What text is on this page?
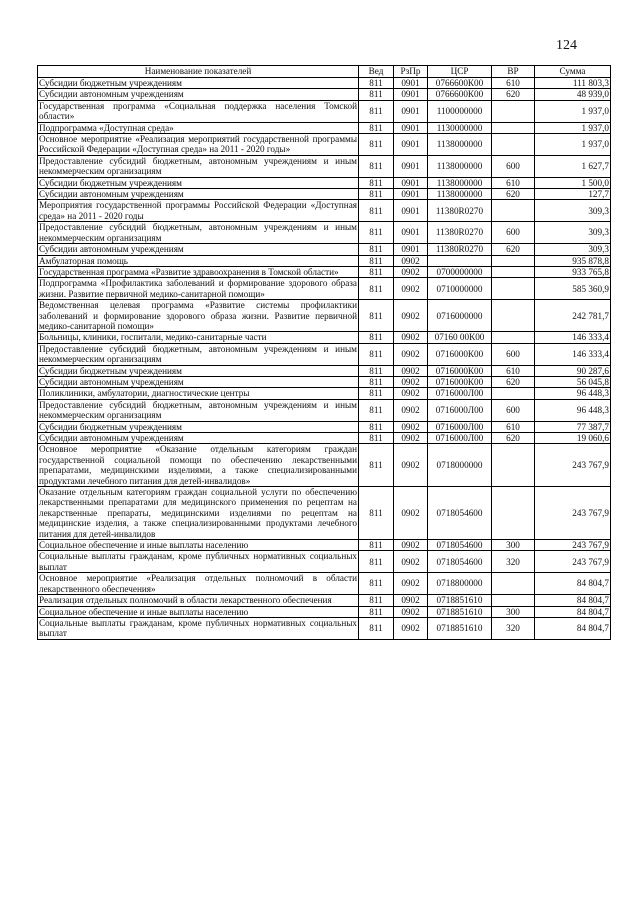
124
Наименование показателей	Вед	РзПр	ЦСР	ВР	Сумма
Субсидии бюджетным учреждениям	811	0901	0766600К00	610	111 803,3
Субсидии автономным учреждениям	811	0901	0766600К00	620	48 939,0
Государственная программа «Социальная поддержка населения Томской области»	811	0901	1100000000		1 937,0
Подпрограмма «Доступная среда»	811	0901	1130000000		1 937,0
Основное мероприятие «Реализация мероприятий государственной программы Российской Федерации «Доступная среда» на 2011 - 2020 годы»	811	0901	1138000000		1 937,0
Предоставление субсидий бюджетным, автономным учреждениям и иным некоммерческим организациям	811	0901	1138000000	600	1 627,7
Субсидии бюджетным учреждениям	811	0901	1138000000	610	1 500,0
Субсидии автономным учреждениям	811	0901	1138000000	620	127,7
Мероприятия государственной программы Российской Федерации «Доступная среда» на 2011 - 2020 годы	811	0901	11380R0270		309,3
Предоставление субсидий бюджетным, автономным учреждениям и иным некоммерческим организациям	811	0901	11380R0270	600	309,3
Субсидии автономным учреждениям	811	0901	11380R0270	620	309,3
Амбулаторная помощь	811	0902			935 878,8
Государственная программа «Развитие здравоохранения в Томской области»	811	0902	0700000000		933 765,8
Подпрограмма «Профилактика заболеваний и формирование здорового образа жизни. Развитие первичной медико-санитарной помощи»	811	0902	0710000000		585 360,9
Ведомственная целевая программа «Развитие системы профилактики заболеваний и формирование здорового образа жизни. Развитие первичной медико-санитарной помощи»	811	0902	0716000000		242 781,7
Больницы, клиники, госпитали, медико-санитарные части	811	0902	07160 00К00		146 333,4
Предоставление субсидий бюджетным, автономным учреждениям и иным некоммерческим организациям	811	0902	0716000К00	600	146 333,4
Субсидии бюджетным учреждениям	811	0902	0716000К00	610	90 287,6
Субсидии автономным учреждениям	811	0902	0716000К00	620	56 045,8
Поликлиники, амбулатории, диагностические центры	811	0902	0716000Л00		96 448,3
Предоставление субсидий бюджетным, автономным учреждениям и иным некоммерческим организациям	811	0902	0716000Л00	600	96 448,3
Субсидии бюджетным учреждениям	811	0902	0716000Л00	610	77 387,7
Субсидии автономным учреждениям	811	0902	0716000Л00	620	19 060,6
Основное мероприятие «Оказание отдельным категориям граждан государственной социальной помощи по обеспечению лекарственными препаратами, медицинскими изделиями, а также специализированными продуктами лечебного питания для детей-инвалидов»	811	0902	0718000000		243 767,9
Оказание отдельным категориям граждан социальной услуги по обеспечению лекарственными препаратами для медицинского применения по рецептам на лекарственные препараты, медицинскими изделиями по рецептам на медицинские изделия, а также специализированными продуктами лечебного питания для детей-инвалидов	811	0902	0718054600		243 767,9
Социальное обеспечение и иные выплаты населению	811	0902	0718054600	300	243 767,9
Социальные выплаты гражданам, кроме публичных нормативных социальных выплат	811	0902	0718054600	320	243 767,9
Основное мероприятие «Реализация отдельных полномочий в области лекарственного обеспечения»	811	0902	0718800000		84 804,7
Реализация отдельных полномочий в области лекарственного обеспечения	811	0902	0718851610		84 804,7
Социальное обеспечение и иные выплаты населению	811	0902	0718851610	300	84 804,7
Социальные выплаты гражданам, кроме публичных нормативных социальных выплат	811	0902	0718851610	320	84 804,7
